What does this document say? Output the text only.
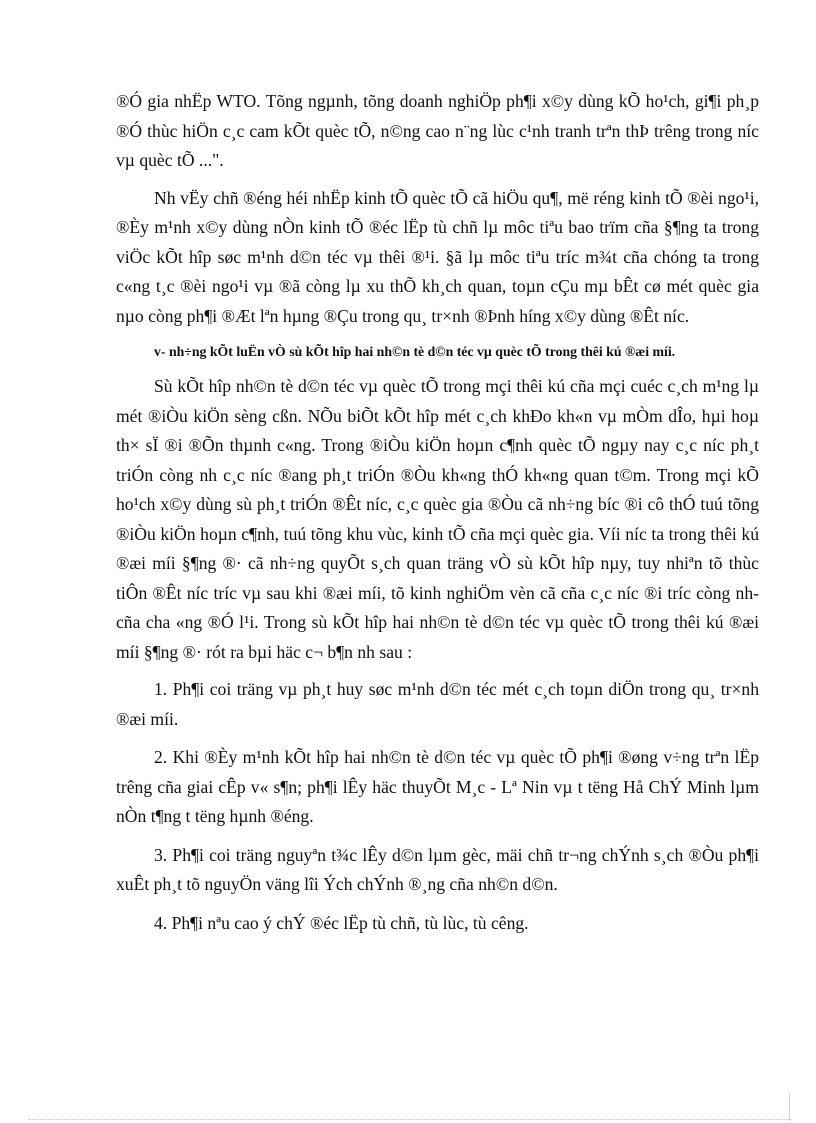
®Ó gia nhËp WTO. Tõng ngµnh, tõng doanh nghiÖp ph¶i x©y dùng kÕ ho¹ch, gi¶i ph¸p ®Ó thùc hiÖn c¸c cam kÕt quèc tÕ, n©ng cao n¨ng lùc c¹nh tranh trªn thÞ trêng trong níc vµ quèc tÕ ...".

Nh vËy chñ ®éng héi nhËp kinh tÕ quèc tÕ cã hiÖu qu¶, më réng kinh tÕ ®èi ngo¹i, ®Èy m¹nh x©y dùng nÒn kinh tÕ ®éc lËp tù chñ lµ môc tiªu bao trïm cña §¶ng ta trong viÖc kÕt hîp søc m¹nh d©n téc vµ thêi ®¹i. §ã lµ môc tiªu tríc m¾t cña chóng ta trong c«ng t¸c ®èi ngo¹i vµ ®ã còng lµ xu thÕ kh¸ch quan, toµn cÇu mµ bÊt cø mét quèc gia nµo còng ph¶i ®Æt lªn hµng ®Çu trong qu¸ tr×nh ®Þnh híng x©y dùng ®Êt níc.

v- nh÷ng kÕt luËn vÒ sù kÕt hîp hai nh©n tè d©n téc vµ quèc tÕ trong thêi kú ®æi míi.

Sù kÕt hîp nh©n tè d©n téc vµ quèc tÕ trong mçi thêi kú cña mçi cuéc c¸ch m¹ng lµ mét ®iÒu kiÖn sèng cßn. NÕu biÕt kÕt hîp mét c¸ch khÐo kh«n vµ mÒm dÎo, hµi hoµ th× sÏ ®i ®Õn thµnh c«ng. Trong ®iÒu kiÖn hoµn c¶nh quèc tÕ ngµy nay c¸c níc ph¸t triÓn còng nh c¸c níc ®ang ph¸t triÓn ®Òu kh«ng thÓ kh«ng quan t©m. Trong mçi kÕ ho¹ch x©y dùng sù ph¸t triÓn ®Êt níc, c¸c quèc gia ®Òu cã nh÷ng bíc ®i cô thÓ tuú tõng ®iÒu kiÖn hoµn c¶nh, tuú tõng khu vùc, kinh tÕ cña mçi quèc gia. Víi níc ta trong thêi kú ®æi míi §¶ng ®· cã nh÷ng quyÕt s¸ch quan träng vÒ sù kÕt hîp nµy, tuy nhiªn tõ thùc tiÔn ®Êt níc tríc vµ sau khi ®æi míi, tõ kinh nghiÖm vèn cã cña c¸c níc ®i tríc còng nh cña cha «ng ®Ó l¹i. Trong sù kÕt hîp hai nh©n tè d©n téc vµ quèc tÕ trong thêi kú ®æi míi §¶ng ®· rót ra bµi häc c¬ b¶n nh sau :

1. Ph¶i coi träng vµ ph¸t huy søc m¹nh d©n téc mét c¸ch toµn diÖn trong qu¸ tr×nh ®æi míi.

2. Khi ®Èy m¹nh kÕt hîp hai nh©n tè d©n téc vµ quèc tÕ ph¶i ®øng v÷ng trªn lËp trêng cña giai cÊp v« s¶n; ph¶i lÊy häc thuyÕt M¸c - Lª Nin vµ t tëng Hå ChÝ Minh lµm nÒn t¶ng t tëng hµnh ®éng.

3. Ph¶i coi träng nguyªn t¾c lÊy d©n lµm gèc, mäi chñ tr¬ng chÝnh s¸ch ®Òu ph¶i xuÊt ph¸t tõ nguyÖn väng lîi Ých chÝnh ®¸ng cña nh©n d©n.

4. Ph¶i nªu cao ý chÝ ®éc lËp tù chñ, tù lùc, tù cêng.
